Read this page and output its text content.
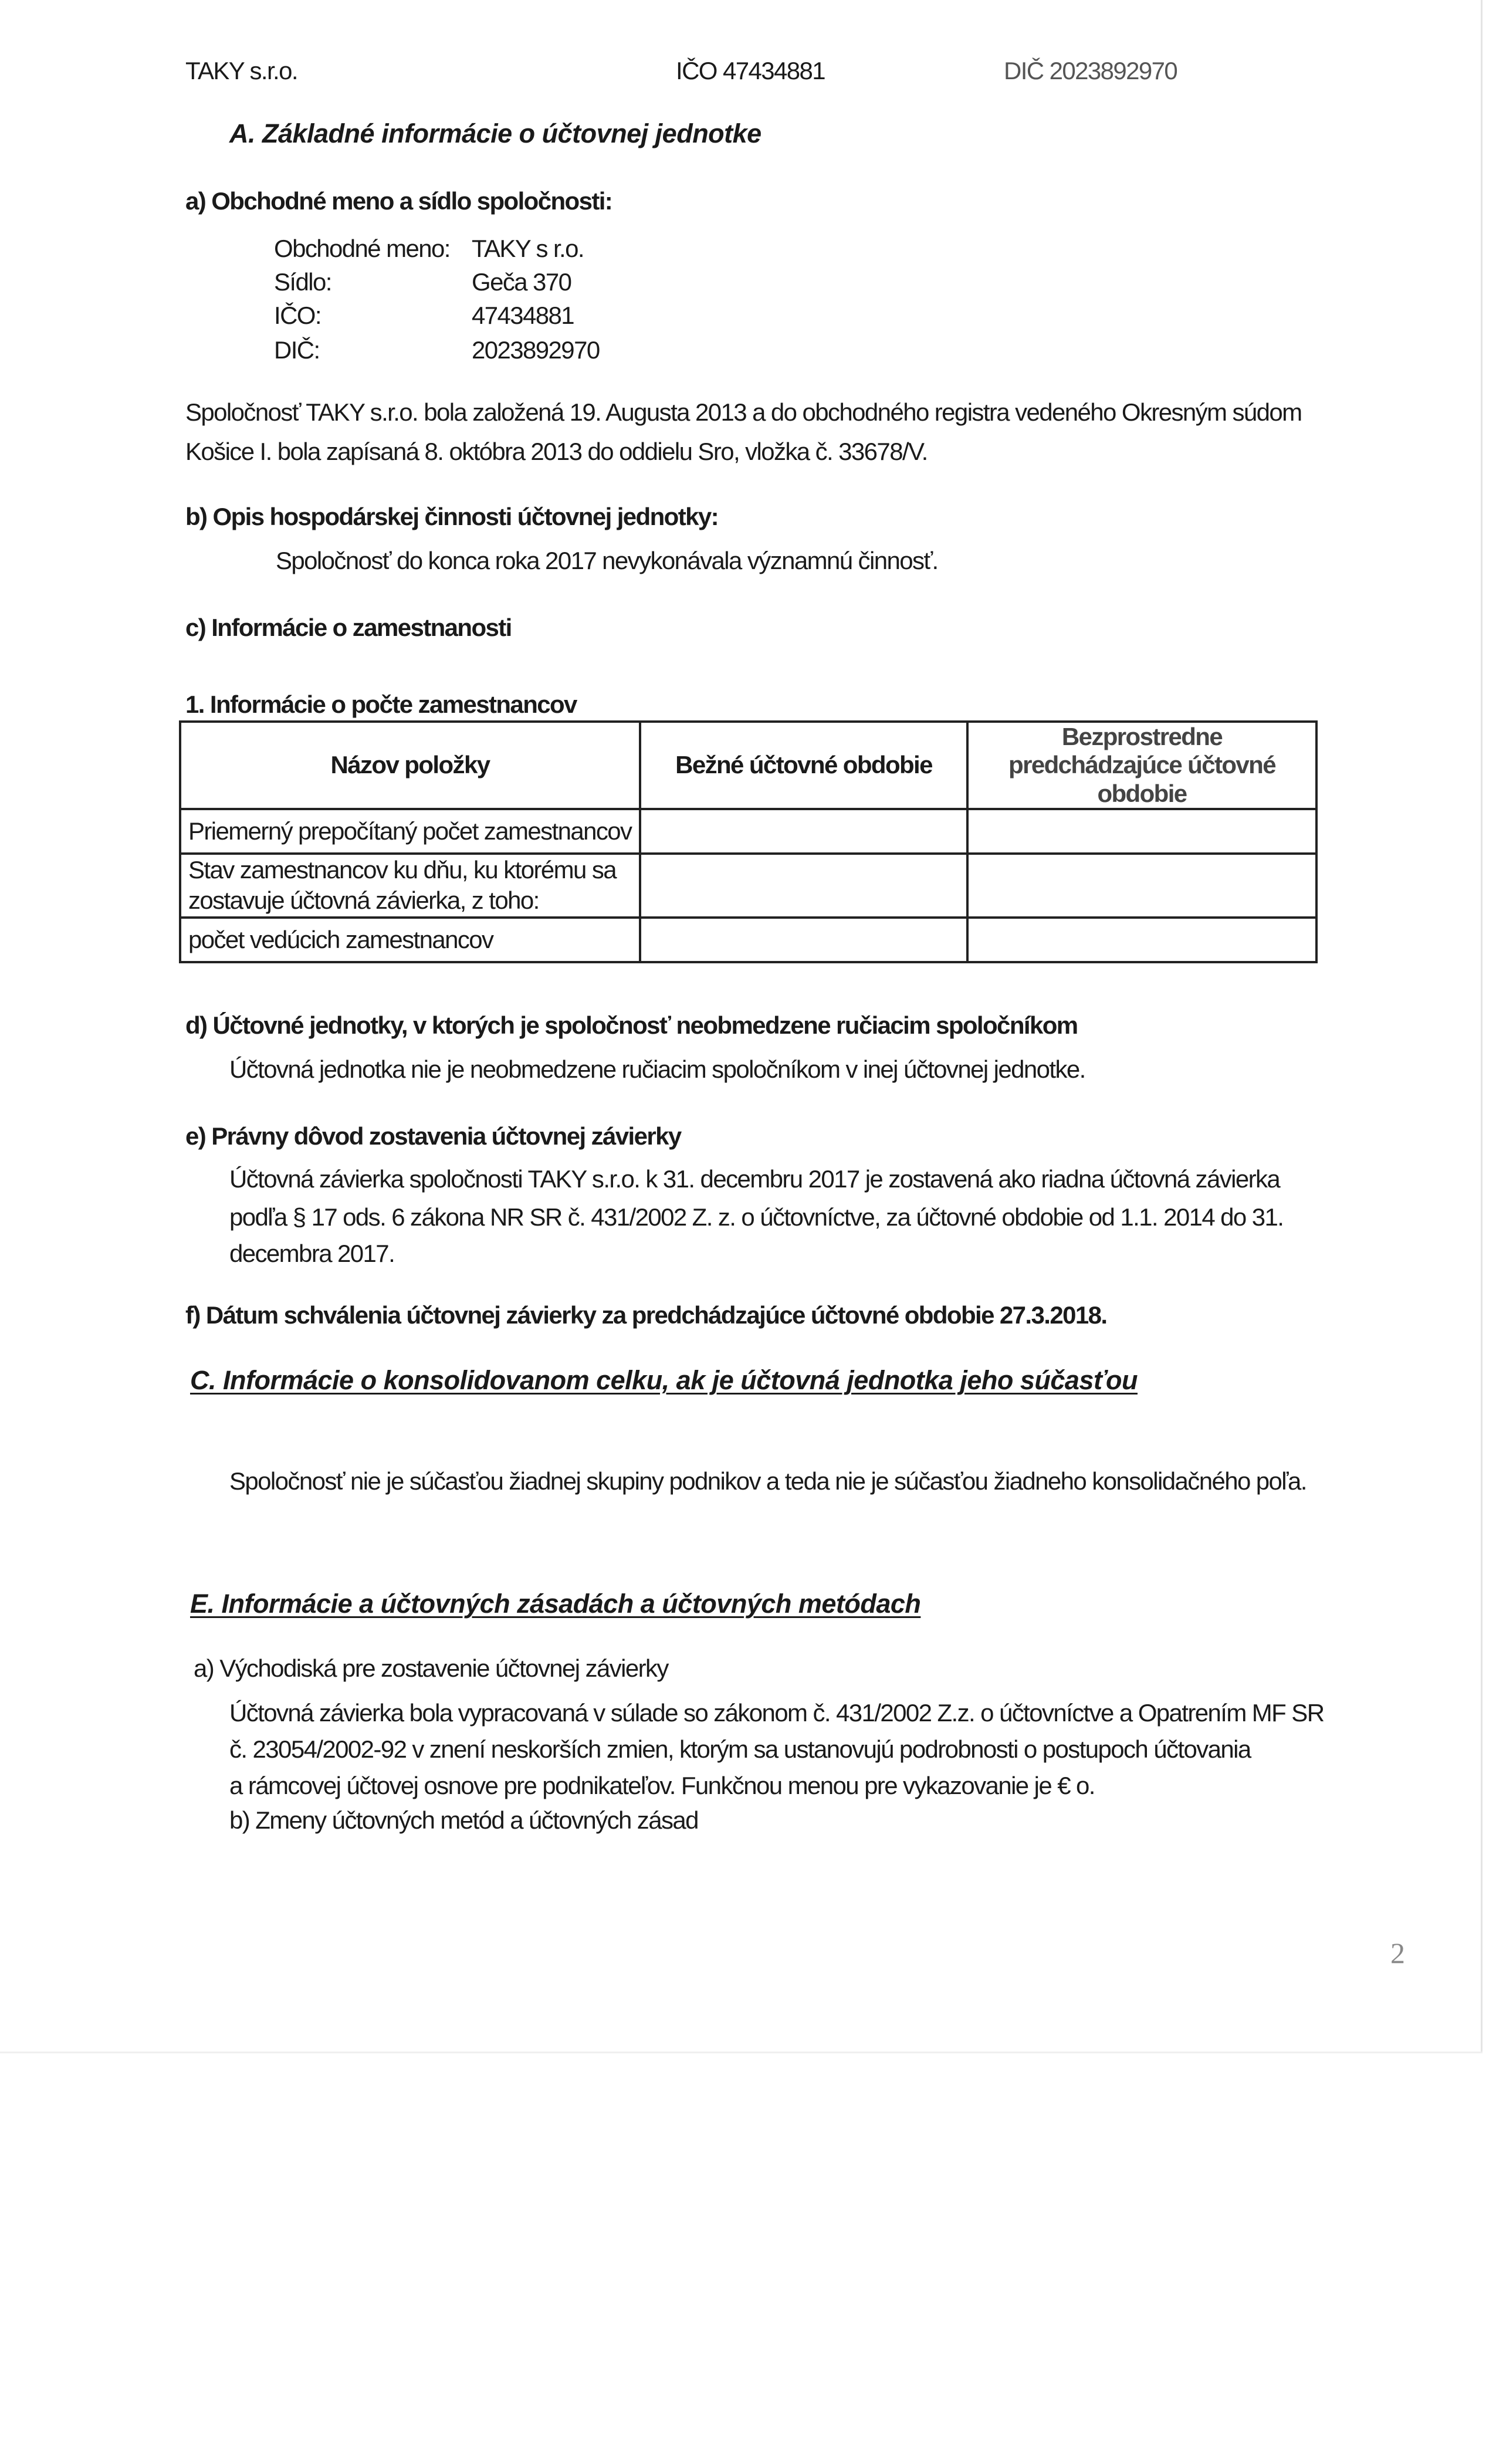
TAKY s.r.o.	IČO 47434881	DIČ 2023892970
A. Základné informácie o účtovnej jednotke
a) Obchodné meno a sídlo spoločnosti:
Obchodné meno: TAKY s r.o.
Sídlo:	Geča 370
IČO:	47434881
DIČ:	2023892970
Spoločnosť TAKY s.r.o. bola založená 19. Augusta 2013 a do obchodného registra vedeného Okresným súdom
Košice I. bola zapísaná 8. októbra 2013 do oddielu Sro, vložka č. 33678/V.
b) Opis hospodárskej činnosti účtovnej jednotky:
Spoločnosť do konca roka 2017 nevykonávala významnú činnosť.
c) Informácie o zamestnanosti
1. Informácie o počte zamestnancov
Názov položky	Bežné účtovné obdobie	Bezprostredne predchádzajúce účtovné obdobie
Priemerný prepočítaný počet zamestnancov		
Stav zamestnancov ku dňu, ku ktorému sa zostavuje účtovná závierka, z toho:		
počet vedúcich zamestnancov		
d) Účtovné jednotky, v ktorých je spoločnosť neobmedzene ručiacim spoločníkom
Účtovná jednotka nie je neobmedzene ručiacim spoločníkom v inej účtovnej jednotke.
e) Právny dôvod zostavenia účtovnej závierky
Účtovná závierka spoločnosti TAKY s.r.o. k 31. decembru 2017 je zostavená ako riadna účtovná závierka
podľa § 17 ods. 6 zákona NR SR č. 431/2002 Z. z. o účtovníctve, za účtovné obdobie od 1.1. 2014 do 31.
decembra 2017.
f) Dátum schválenia účtovnej závierky za predchádzajúce účtovné obdobie 27.3.2018.
C. Informácie o konsolidovanom celku, ak je účtovná jednotka jeho súčasťou
Spoločnosť nie je súčasťou žiadnej skupiny podnikov a teda nie je súčasťou žiadneho konsolidačného poľa.
E. Informácie a účtovných zásadách a účtovných metódach
a) Východiská pre zostavenie účtovnej závierky
Účtovná závierka bola vypracovaná v súlade so zákonom č. 431/2002 Z.z. o účtovníctve a Opatrením MF SR
č. 23054/2002-92 v znení neskorších zmien, ktorým sa ustanovujú podrobnosti o postupoch účtovania
a rámcovej účtovej osnove pre podnikateľov. Funkčnou menou pre vykazovanie je € o.
b) Zmeny účtovných metód a účtovných zásad
2
